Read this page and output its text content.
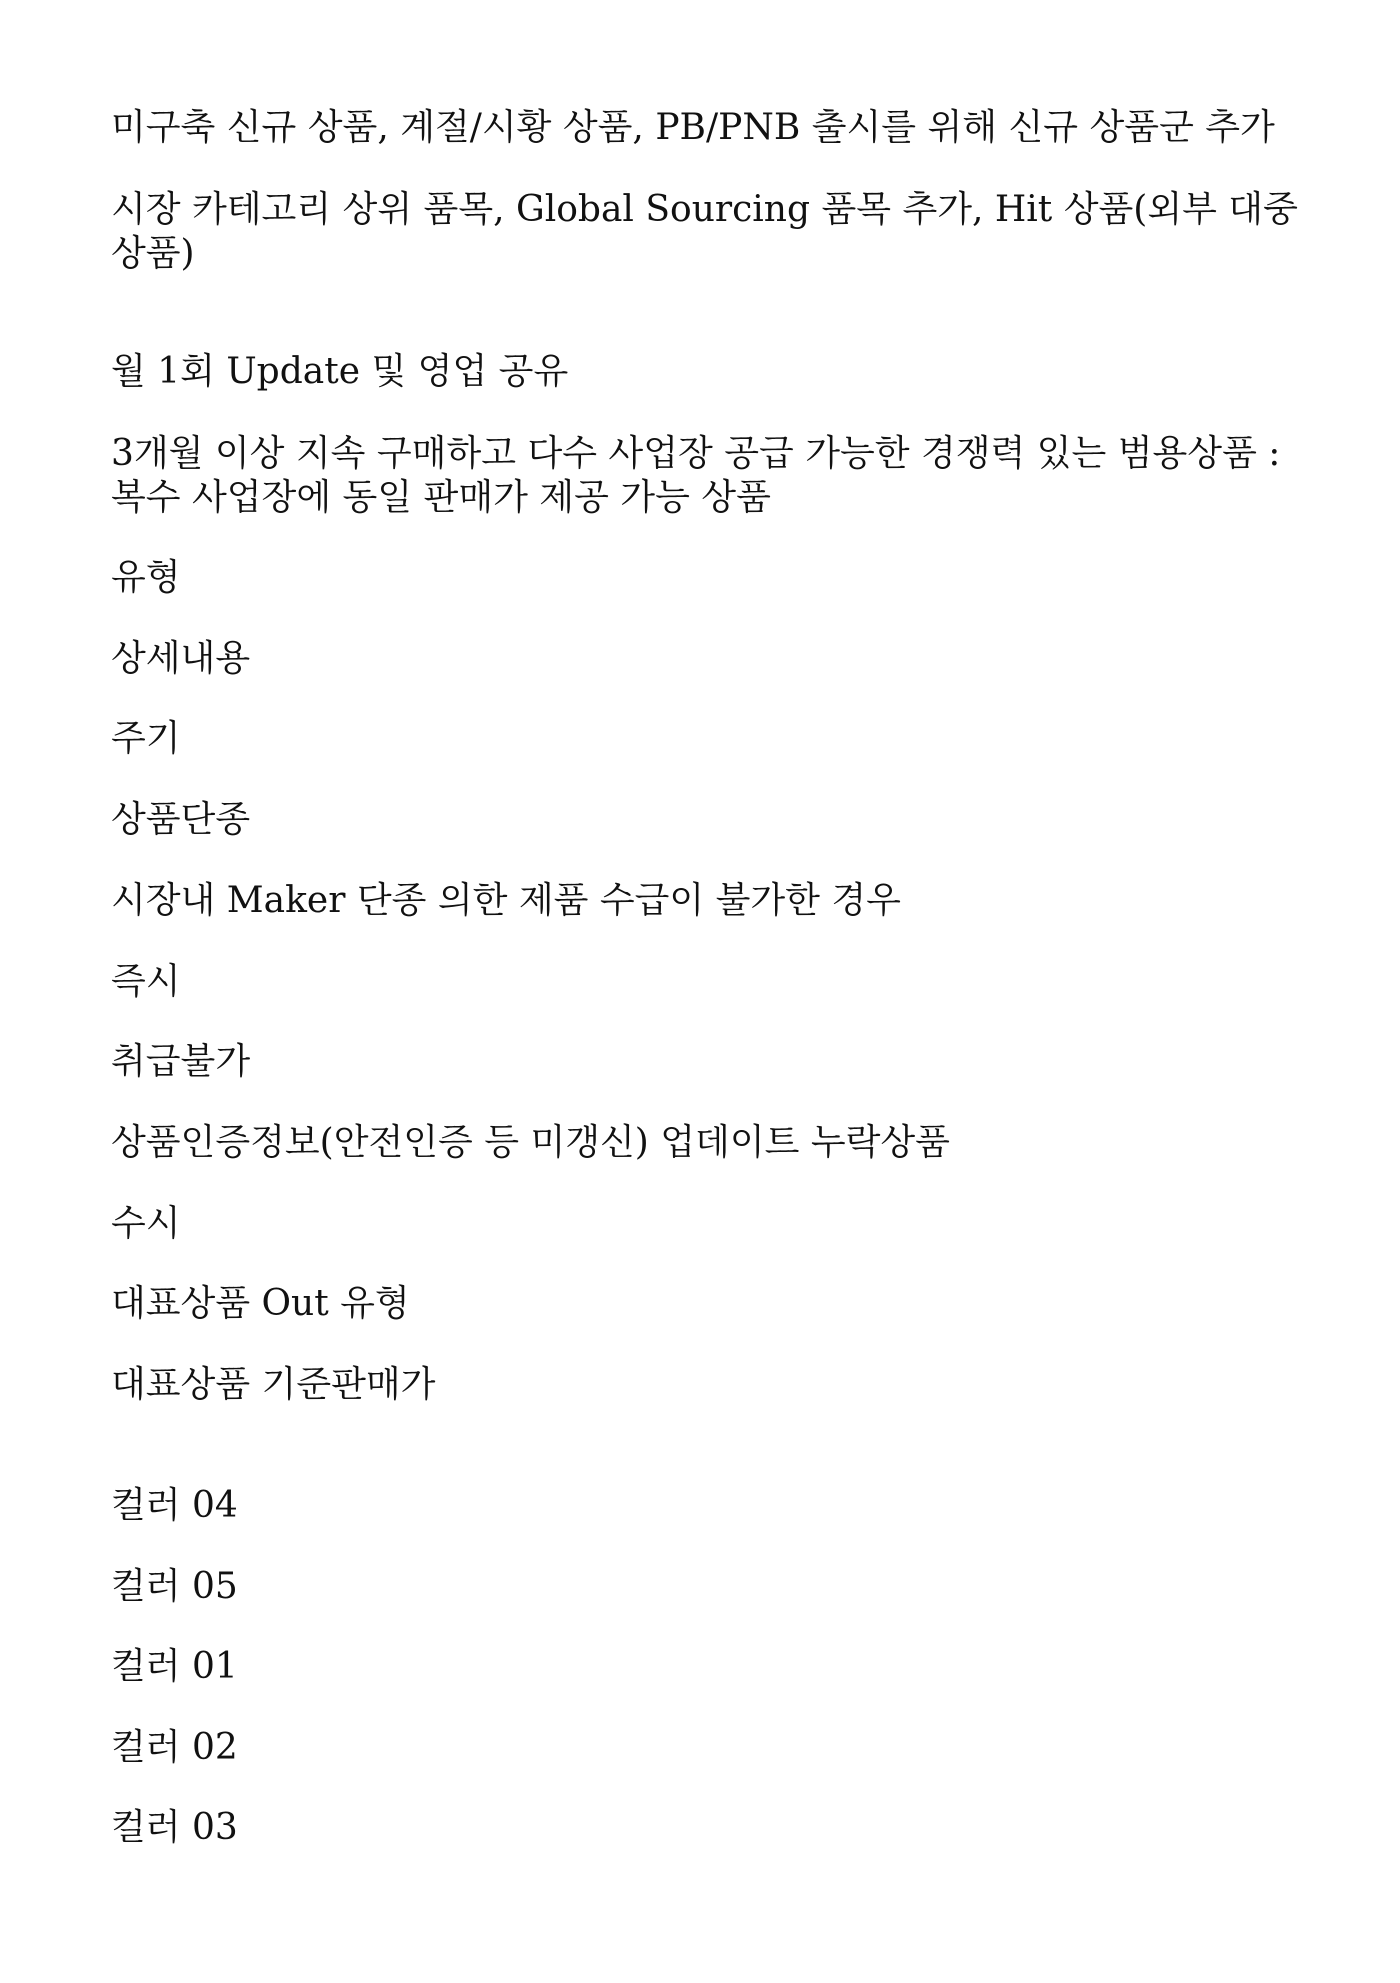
미구축 신규 상품, 계절/시황 상품, PB/PNB 출시를 위해 신규 상품군 추가

시장 카테고리 상위 품목, Global Sourcing 품목 추가, Hit 상품(외부 대중 상품)

월 1회 Update 및 영업 공유

3개월 이상 지속 구매하고 다수 사업장 공급 가능한 경쟁력 있는 범용상품 : 복수 사업장에 동일 판매가 제공 가능 상품

유형

상세내용

주기

상품단종

시장내 Maker 단종 의한 제품 수급이 불가한 경우

즉시

취급불가

상품인증정보(안전인증 등 미갱신) 업데이트 누락상품

수시

대표상품 Out 유형

대표상품 기준판매가

컬러 04

컬러 05

컬러 01

컬러 02

컬러 03
